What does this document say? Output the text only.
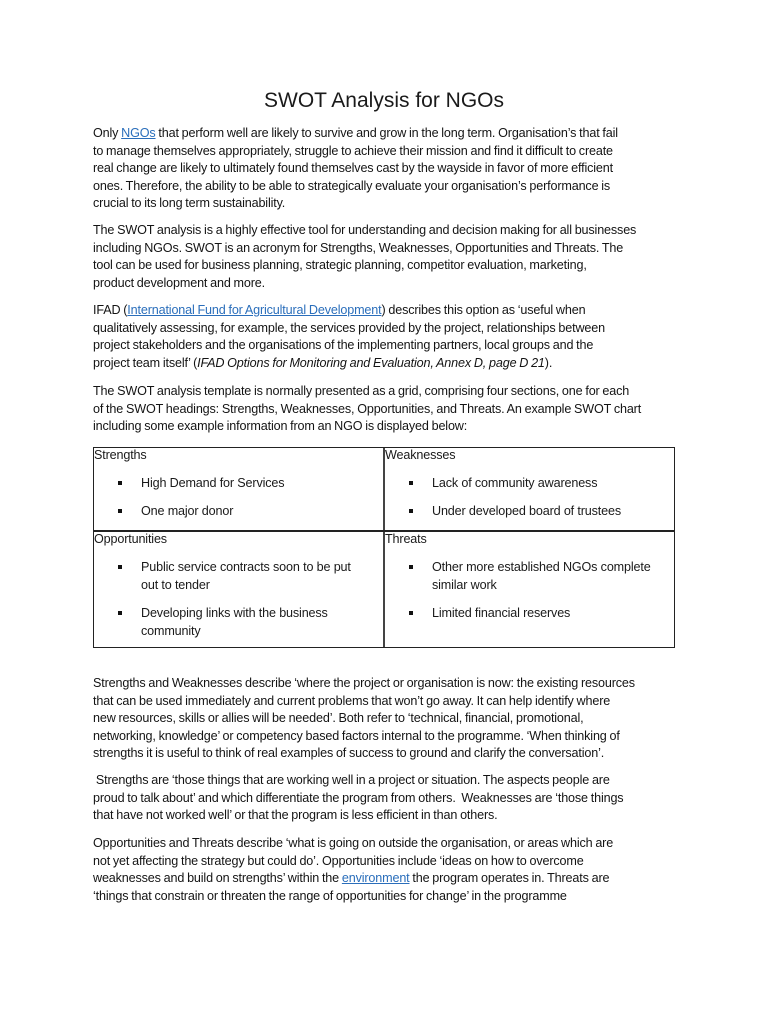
SWOT Analysis for NGOs

Only NGOs that perform well are likely to survive and grow in the long term. Organisation’s that fail
to manage themselves appropriately, struggle to achieve their mission and find it difficult to create
real change are likely to ultimately found themselves cast by the wayside in favor of more efficient
ones. Therefore, the ability to be able to strategically evaluate your organisation’s performance is
crucial to its long term sustainability.

The SWOT analysis is a highly effective tool for understanding and decision making for all businesses
including NGOs. SWOT is an acronym for Strengths, Weaknesses, Opportunities and Threats. The
tool can be used for business planning, strategic planning, competitor evaluation, marketing,
product development and more.

IFAD (International Fund for Agricultural Development) describes this option as ‘useful when
qualitatively assessing, for example, the services provided by the project, relationships between
project stakeholders and the organisations of the implementing partners, local groups and the
project team itself’ (IFAD Options for Monitoring and Evaluation, Annex D, page D 21).

The SWOT analysis template is normally presented as a grid, comprising four sections, one for each
of the SWOT headings: Strengths, Weaknesses, Opportunities, and Threats. An example SWOT chart
including some example information from an NGO is displayed below:

Strengths
High Demand for Services
One major donor
Weaknesses
Lack of community awareness
Under developed board of trustees
Opportunities
Public service contracts soon to be put
out to tender
Developing links with the business
community
Threats
Other more established NGOs complete
similar work
Limited financial reserves

Strengths and Weaknesses describe ‘where the project or organisation is now: the existing resources
that can be used immediately and current problems that won’t go away. It can help identify where
new resources, skills or allies will be needed’. Both refer to ‘technical, financial, promotional,
networking, knowledge’ or competency based factors internal to the programme. ‘When thinking of
strengths it is useful to think of real examples of success to ground and clarify the conversation’.

Strengths are ‘those things that are working well in a project or situation. The aspects people are
proud to talk about’ and which differentiate the program from others.  Weaknesses are ‘those things
that have not worked well’ or that the program is less efficient in than others.

Opportunities and Threats describe ‘what is going on outside the organisation, or areas which are
not yet affecting the strategy but could do’. Opportunities include ‘ideas on how to overcome
weaknesses and build on strengths’ within the environment the program operates in. Threats are
‘things that constrain or threaten the range of opportunities for change’ in the programme
